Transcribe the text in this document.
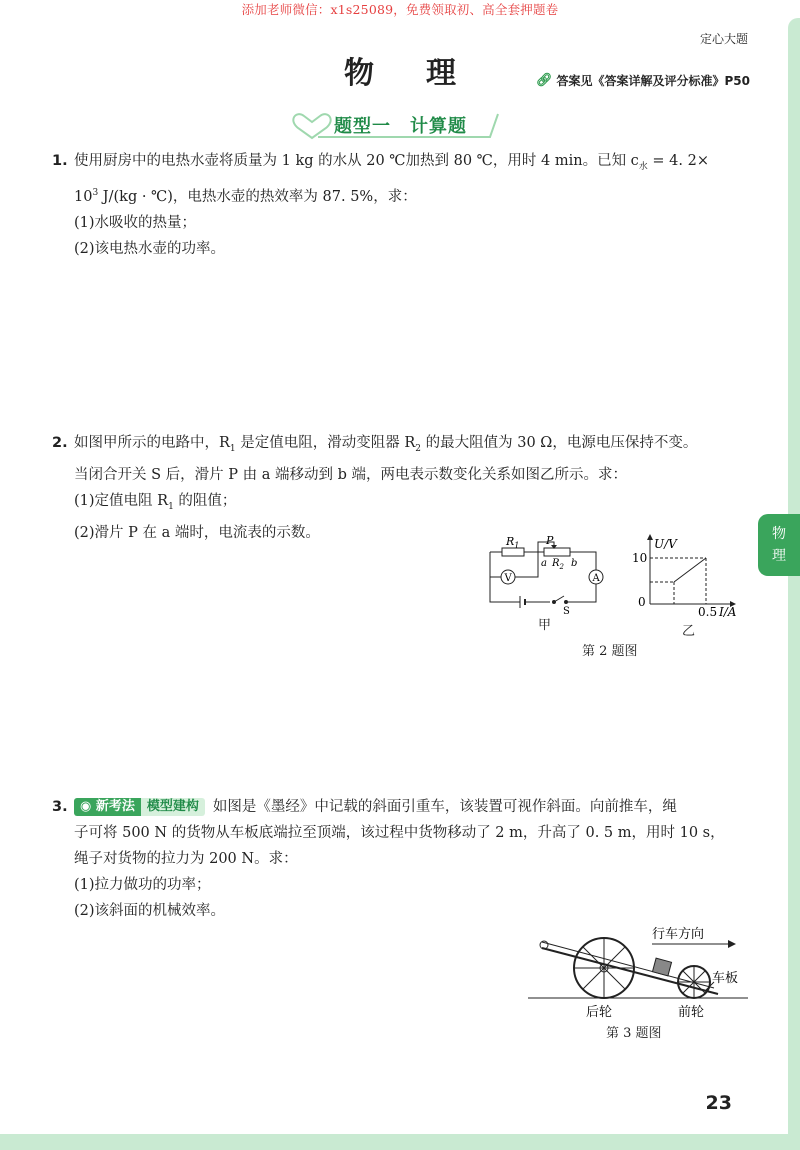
添加老师微信：x1s25089，免费领取初、高全套押题卷
定心大题
物理	🔗︎ 答案见《答案详解及评分标准》P50
题型一　计算题
1. 使用厨房中的电热水壶将质量为 1 kg 的水从 20 ℃加热到 80 ℃，用时 4 min。已知 $c_水 = 4$. 2×
$10^3$ J/(kg · ℃)，电热水壶的热效率为 87. 5%，求：
(1)水吸收的热量；
(2)该电热水壶的功率。
2. 如图甲所示的电路中，$R_1$ 是定值电阻，滑动变阻器 $R_2$ 的最大阻值为 30 Ω，电源电压保持不变。
当闭合开关 S 后，滑片 P 由 a 端移动到 b 端，两电表示数变化关系如图乙所示。求：
(1)定值电阻 $R_1$ 的阻值；
(2)滑片 P 在 a 端时，电流表的示数。
$R_1$ P
a $R_2$ b
V	A
S
甲
U/V
10
0
0.5 I/A
乙
第 2 题图
3. ◉ 新考法 模型建构 如图是《墨经》中记载的斜面引重车，该装置可视作斜面。向前推车，绳
子可将 500 N 的货物从车板底端拉至顶端，该过程中货物移动了 2 m，升高了 0. 5 m，用时 10 s，
绳子对货物的拉力为 200 N。求：
(1)拉力做功的功率；
(2)该斜面的机械效率。
行车方向
车板
后轮	前轮
第 3 题图
物
理
23
